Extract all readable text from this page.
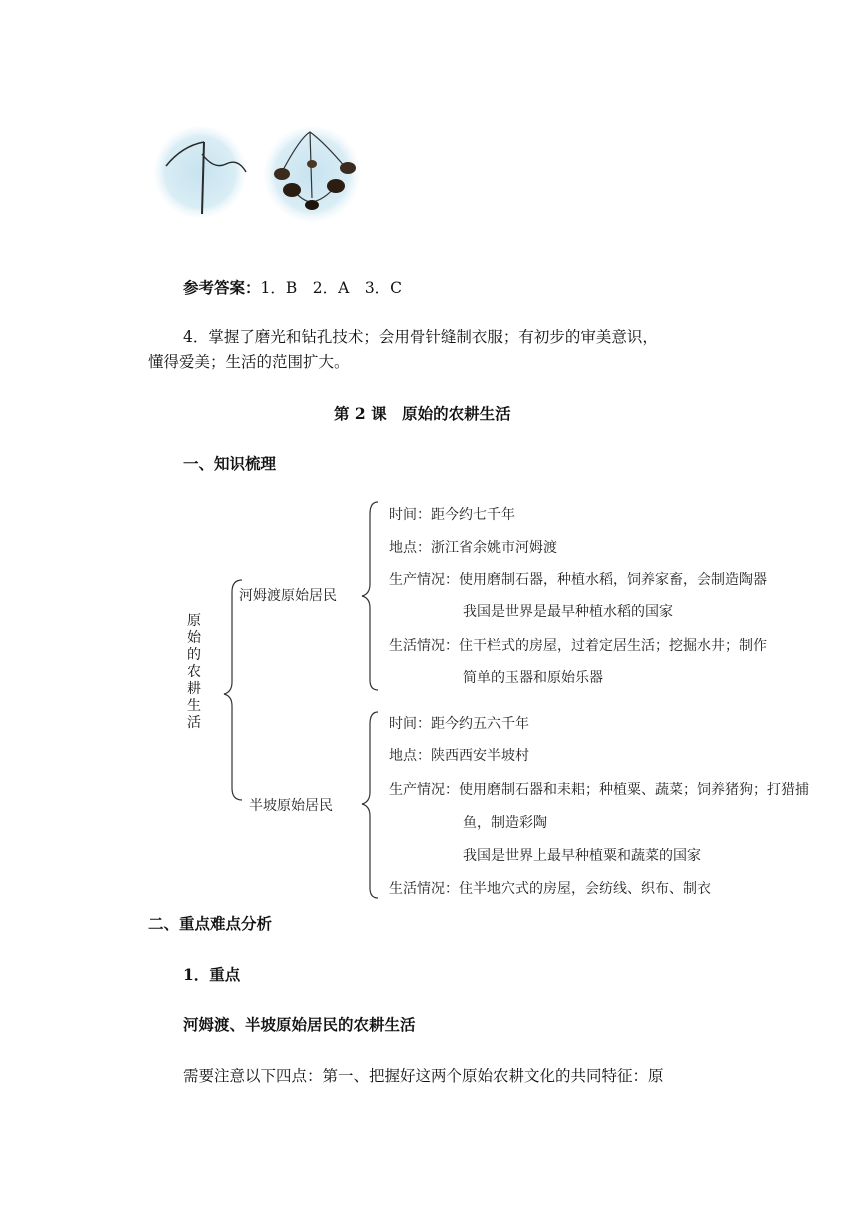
参考答案：1．B　2．A　3．C
4．掌握了磨光和钻孔技术；会用骨针缝制衣服；有初步的审美意识，
懂得爱美；生活的范围扩大。
第 2 课　原始的农耕生活
一、知识梳理
原始的农耕生活
河姆渡原始居民
时间：距今约七千年
地点：浙江省余姚市河姆渡
生产情况：使用磨制石器，种植水稻，饲养家畜，会制造陶器
我国是世界是最早种植水稻的国家
生活情况：住干栏式的房屋，过着定居生活；挖掘水井；制作
简单的玉器和原始乐器
半坡原始居民
时间：距今约五六千年
地点：陕西西安半坡村
生产情况：使用磨制石器和耒耜；种植粟、蔬菜；饲养猪狗；打猎捕
鱼，制造彩陶
我国是世界上最早种植粟和蔬菜的国家
生活情况：住半地穴式的房屋，会纺线、织布、制衣
二、重点难点分析
1．重点
河姆渡、半坡原始居民的农耕生活
需要注意以下四点：第一、把握好这两个原始农耕文化的共同特征：原
